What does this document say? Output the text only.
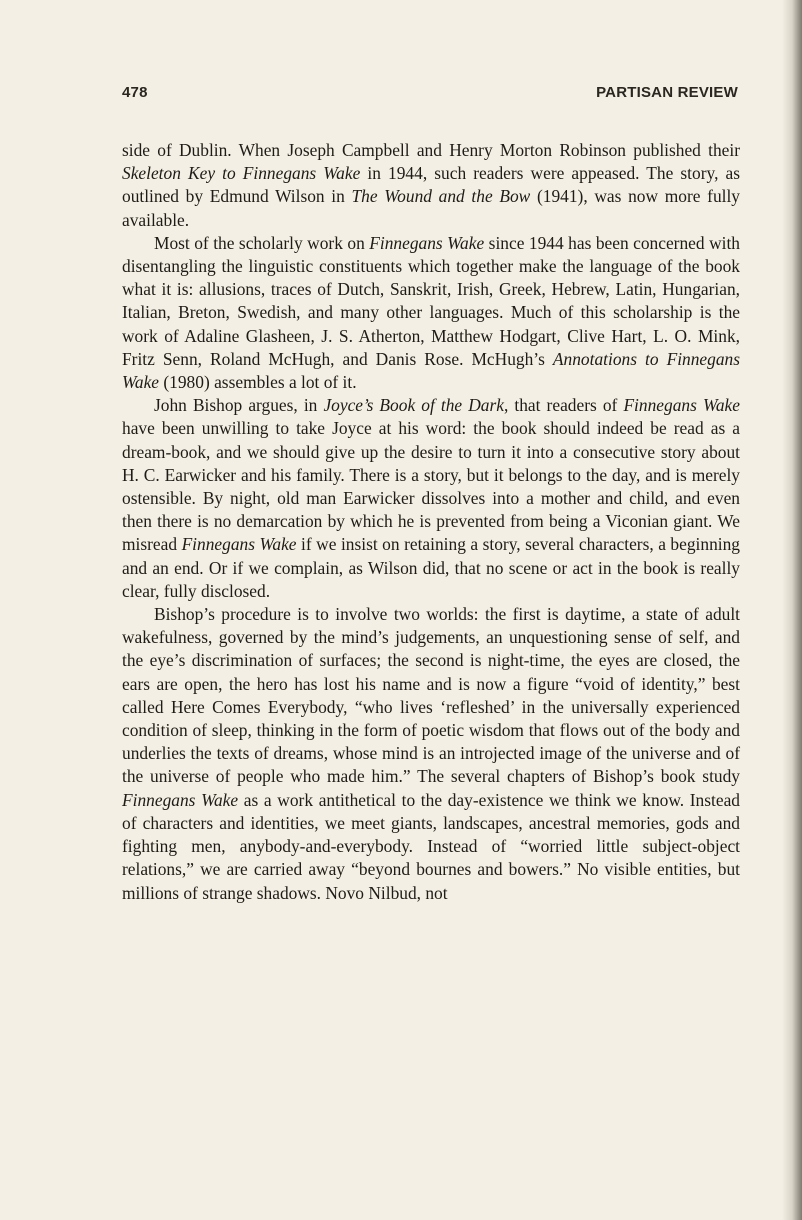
478	PARTISAN REVIEW

side of Dublin. When Joseph Campbell and Henry Morton Robinson published their Skeleton Key to Finnegans Wake in 1944, such readers were appeased. The story, as outlined by Edmund Wilson in The Wound and the Bow (1941), was now more fully available.

Most of the scholarly work on Finnegans Wake since 1944 has been concerned with disentangling the linguistic constituents which together make the language of the book what it is: allusions, traces of Dutch, Sanskrit, Irish, Greek, Hebrew, Latin, Hungarian, Italian, Breton, Swedish, and many other languages. Much of this scholarship is the work of Adaline Glasheen, J. S. Atherton, Matthew Hodgart, Clive Hart, L. O. Mink, Fritz Senn, Roland McHugh, and Danis Rose. McHugh’s Annotations to Finnegans Wake (1980) assembles a lot of it.

John Bishop argues, in Joyce’s Book of the Dark, that readers of Finnegans Wake have been unwilling to take Joyce at his word: the book should indeed be read as a dream-book, and we should give up the desire to turn it into a consecutive story about H. C. Earwicker and his family. There is a story, but it belongs to the day, and is merely ostensible. By night, old man Earwicker dissolves into a mother and child, and even then there is no demarcation by which he is prevented from being a Viconian giant. We misread Finnegans Wake if we insist on retaining a story, several characters, a beginning and an end. Or if we complain, as Wilson did, that no scene or act in the book is really clear, fully disclosed.

Bishop’s procedure is to involve two worlds: the first is daytime, a state of adult wakefulness, governed by the mind’s judgements, an unquestioning sense of self, and the eye’s discrimination of surfaces; the second is night-time, the eyes are closed, the ears are open, the hero has lost his name and is now a figure “void of identity,” best called Here Comes Everybody, “who lives ‘refleshed’ in the universally experienced condition of sleep, thinking in the form of poetic wisdom that flows out of the body and underlies the texts of dreams, whose mind is an introjected image of the universe and of the universe of people who made him.” The several chapters of Bishop’s book study Finnegans Wake as a work antithetical to the day-existence we think we know. Instead of characters and identities, we meet giants, landscapes, ancestral memories, gods and fighting men, anybody-and-everybody. Instead of “worried little subject-object relations,” we are carried away “beyond bournes and bowers.” No visible entities, but millions of strange shadows. Novo Nilbud, not
